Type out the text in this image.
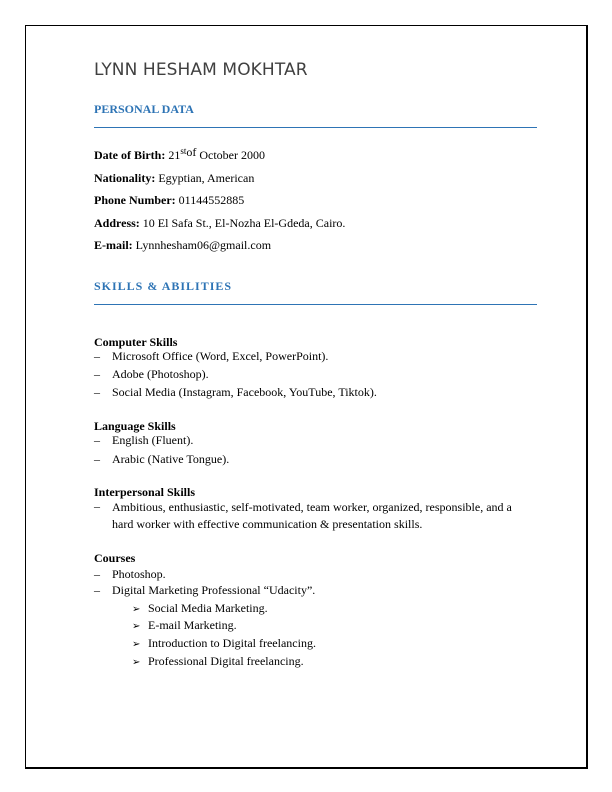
LYNN HESHAM MOKHTAR
PERSONAL DATA
Date of Birth: 21stof October 2000
Nationality: Egyptian, American
Phone Number: 01144552885
Address: 10 El Safa St., El-Nozha El-Gdeda, Cairo.
E-mail: Lynnhesham06@gmail.com
SKILLS & ABILITIES
Computer Skills
– Microsoft Office (Word, Excel, PowerPoint).
– Adobe (Photoshop).
– Social Media (Instagram, Facebook, YouTube, Tiktok).
Language Skills
– English (Fluent).
– Arabic (Native Tongue).
Interpersonal Skills
– Ambitious, enthusiastic, self-motivated, team worker, organized, responsible, and a hard worker with effective communication & presentation skills.
Courses
– Photoshop.
– Digital Marketing Professional “Udacity”.
➢ Social Media Marketing.
➢ E-mail Marketing.
➢ Introduction to Digital freelancing.
➢ Professional Digital freelancing.
